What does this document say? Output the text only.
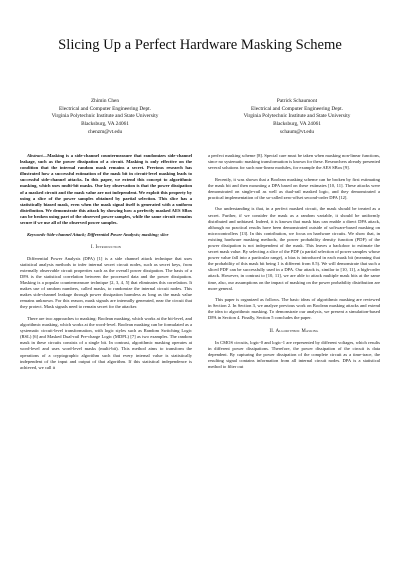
Slicing Up a Perfect Hardware Masking Scheme
Zhimin Chen
Electrical and Computer Engineering Dept.
Virginia Polytechnic Institute and State University
Blacksburg, VA 24061
chenzm@vt.edu
Patrick Schaumont
Electrical and Computer Engineering Dept.
Virginia Polytechnic Institute and State University
Blacksburg, VA 24061
schaum@vt.edu

Abstract—Masking is a side-channel countermeasure that randomizes side-channel leakage, such as the power dissipation of a circuit. Masking is only effective on the condition that the internal random mask remains a secret. Previous research has illustrated how a successful estimation of the mask bit in circuit-level masking leads to successful side-channel attacks. In this paper, we extend this concept to algorithmic masking, which uses multi-bit masks. Our key observation is that the power dissipation of a masked circuit and the mask value are not independent. We exploit this property by using a slice of the power samples obtained by partial selection. This slice has a statistically biased mask, even when the mask signal itself is generated with a uniform distribution. We demonstrate this attack by showing how a perfectly masked AES SBox can be broken using part of the observed power samples, while the same circuit remains secure if we use all of the observed power samples.

Keywords-Side-channel Attack; Differential Power Analysis; masking; slice

I. Introduction

Differential Power Analysis (DPA) [1] is a side channel attack technique that uses statistical analysis methods to infer internal secret circuit nodes, such as secret keys, from externally observable circuit properties such as the overall power dissipation. The basis of a DPA is the statistical correlation between the processed data and the power dissipation. Masking is a popular countermeasure technique [2, 3, 4, 5] that eliminates this correlation. It makes use of random numbers, called masks, to randomize the internal circuit nodes. This makes side-channel leakage through power dissipation harmless as long as the mask value remains unknown. For this reason, mask signals are internally generated, near the circuit that they protect. Mask signals need to remain secret for the attacker.

There are two approaches to masking: Boolean masking, which works at the bit-level, and algorithmic masking, which works at the word-level. Boolean masking can be formulated as a systematic circuit-level transformation, with logic styles such as Random Switching Logic (RSL) [6] and Masked Dual-rail Pre-charge Logic (MDPL) [7] as two examples. The random mask in these circuits consists of a single bit. In contrast, algorithmic masking operates at word-level and uses word-level masks (multi-bit). This method aims to transform the operations of a cryptographic algorithm such that every internal value is statistically independent of the input and output of that algorithm. If this statistical independence is achieved, we call it

a perfect masking scheme [8]. Special care must be taken when masking non-linear functions, since no systematic masking transformation is known for these. Researchers already presented several solutions for such non-linear modules, for example the AES SBox [9].

Recently, it was shown that a Boolean masking scheme can be broken by first estimating the mask bit and then mounting a DPA based on these estimates [10, 11]. These attacks were demonstrated on single-rail as well as dual-rail masked logic, and they demonstrated a practical implementation of the so-called zero-offset second-order DPA [12].

Our understanding is that, in a perfect masked circuit, the mask should be treated as a secret. Further, if we consider the mask as a random variable, it should be uniformly distributed and unbiased. Indeed, it is known that mask bias can enable a direct DPA attack, although no practical results have been demonstrated outside of software-based masking on microcontrollers [13]. In this contribution, we focus on hardware circuits. We show that, in existing hardware masking methods, the power probability density function (PDF) of the power dissipation is not independent of the mask. This leaves a backdoor to estimate the secret mask value. By selecting a slice of the PDF (a partial selection of power samples whose power value fall into a particular range), a bias is introduced in each mask bit (meaning that the probability of this mask bit being 1 is different from 0.5). We will demonstrate that such a sliced PDF can be successfully used in a DPA. Our attack is, similar to [10, 11], a high-order attack. However, in contrast to [10, 11], we are able to attack multiple mask bits at the same time, also, our assumptions on the impact of masking on the power probability distribution are more general.

This paper is organized as follows. The basic ideas of algorithmic masking are reviewed in Section 2. In Section 3, we analyze previous work on Boolean masking attacks and extend the idea to algorithmic masking. To demonstrate our analysis, we present a simulation-based DPA in Section 4. Finally, Section 5 concludes the paper.

II. Algorithmic Masking

In CMOS circuits, logic-0 and logic-1 are represented by different voltages, which results in different power dissipations. Therefore, the power dissipation of the circuit is data dependent. By capturing the power dissipation of the complete circuit as a time-trace, the resulting signal contains information from all internal circuit nodes. DPA is a statistical method to filter out
